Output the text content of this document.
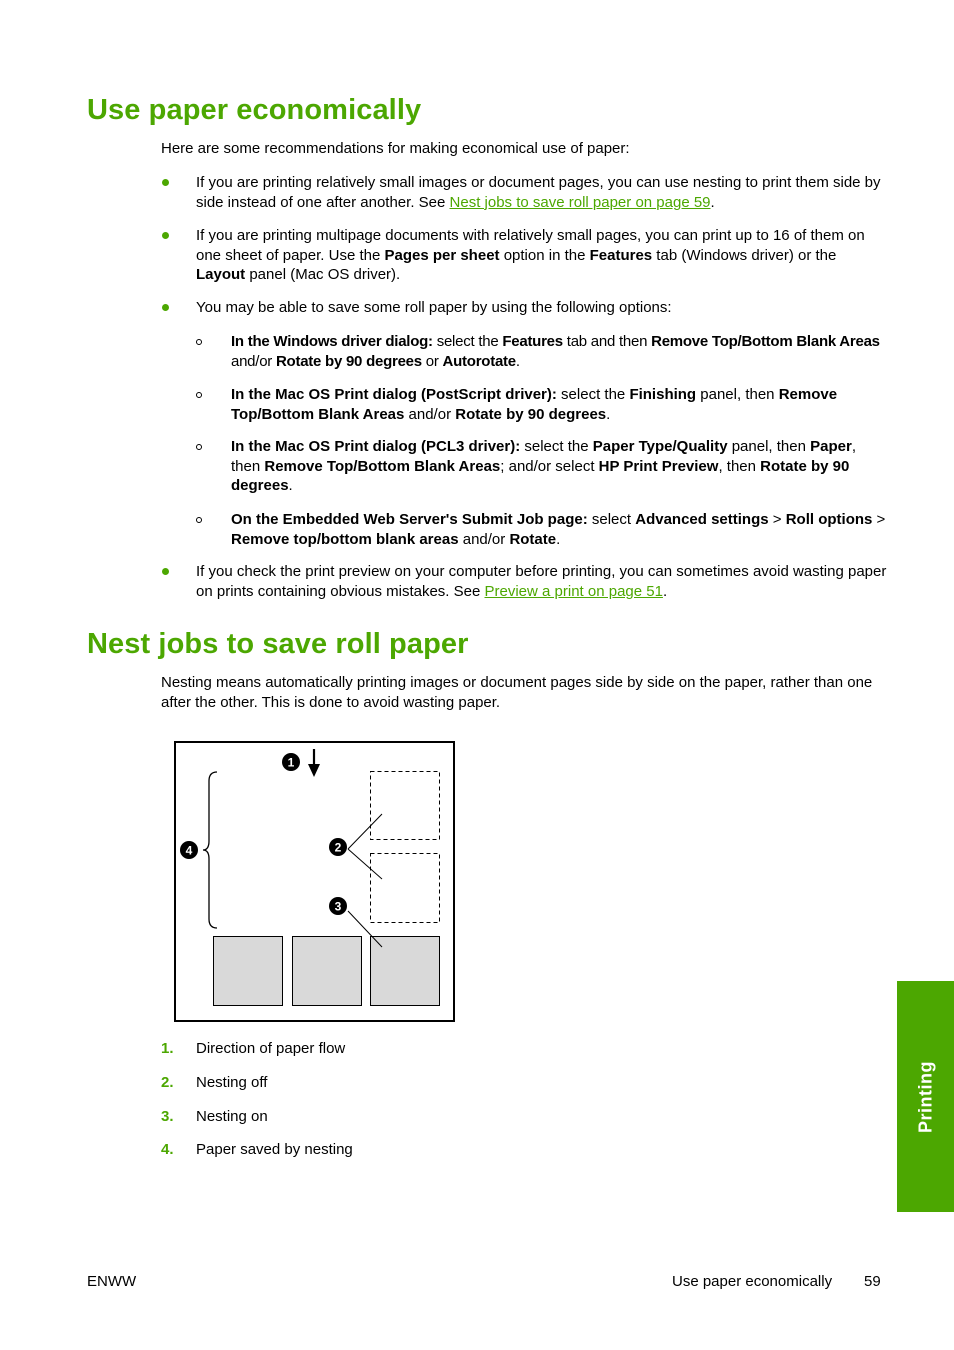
Use paper economically

Here are some recommendations for making economical use of paper:

If you are printing relatively small images or document pages, you can use nesting to print them side by side instead of one after another. See Nest jobs to save roll paper on page 59.

If you are printing multipage documents with relatively small pages, you can print up to 16 of them on one sheet of paper. Use the Pages per sheet option in the Features tab (Windows driver) or the Layout panel (Mac OS driver).

You may be able to save some roll paper by using the following options:

In the Windows driver dialog: select the Features tab and then Remove Top/Bottom Blank Areas and/or Rotate by 90 degrees or Autorotate.

In the Mac OS Print dialog (PostScript driver): select the Finishing panel, then Remove Top/Bottom Blank Areas and/or Rotate by 90 degrees.

In the Mac OS Print dialog (PCL3 driver): select the Paper Type/Quality panel, then Paper, then Remove Top/Bottom Blank Areas; and/or select HP Print Preview, then Rotate by 90 degrees.

On the Embedded Web Server's Submit Job page: select Advanced settings > Roll options > Remove top/bottom blank areas and/or Rotate.

If you check the print preview on your computer before printing, you can sometimes avoid wasting paper on prints containing obvious mistakes. See Preview a print on page 51.

Nest jobs to save roll paper

Nesting means automatically printing images or document pages side by side on the paper, rather than one after the other. This is done to avoid wasting paper.

1
2
3
4
1. Direction of paper flow
2. Nesting off
3. Nesting on
4. Paper saved by nesting
Printing
ENWW	Use paper economically 59
